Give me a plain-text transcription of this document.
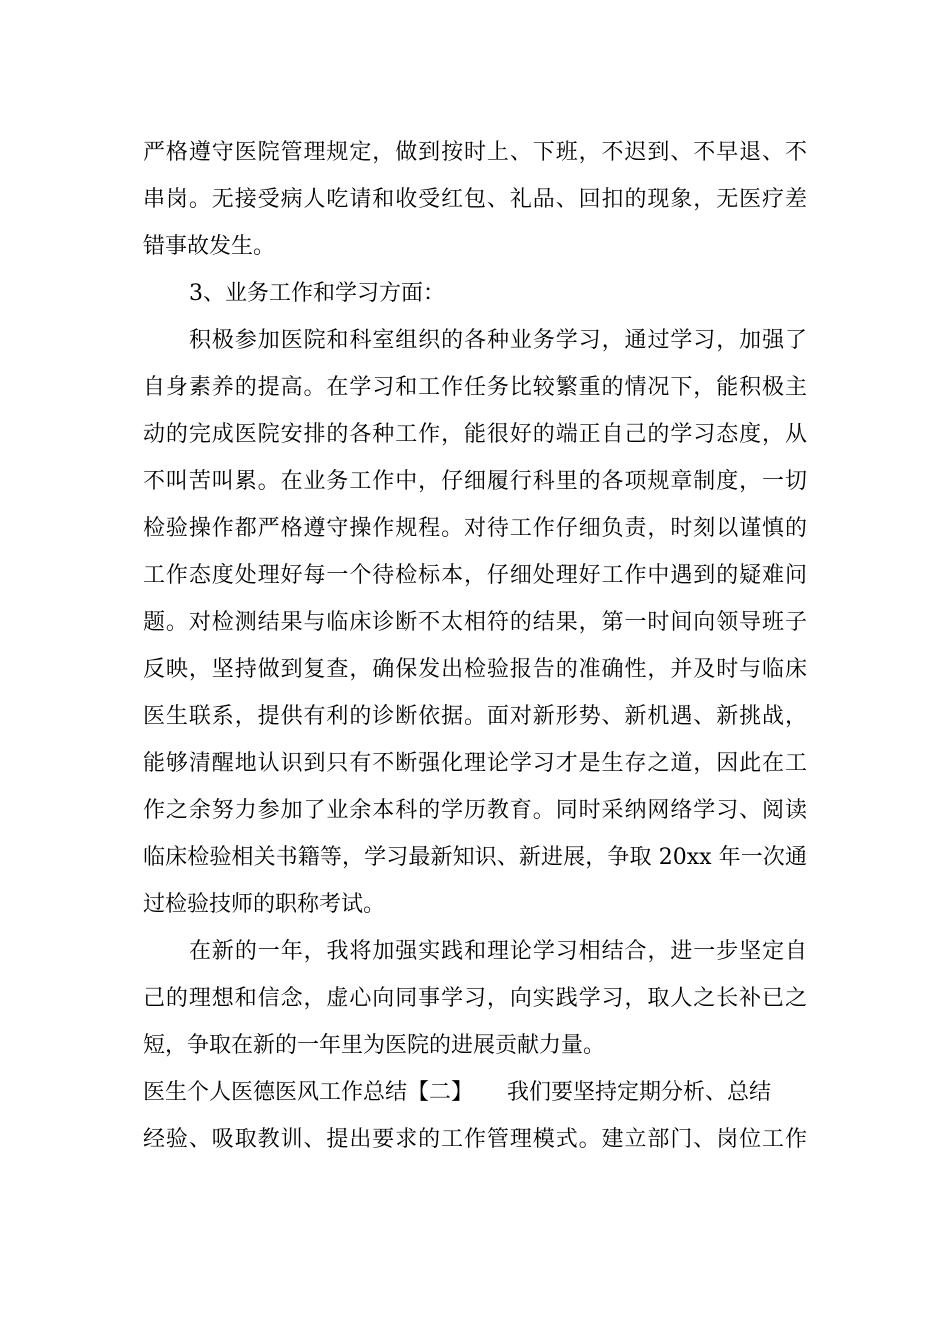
严格遵守医院管理规定，做到按时上、下班，不迟到、不早退、不
串岗。无接受病人吃请和收受红包、礼品、回扣的现象，无医疗差
错事故发生。
3、业务工作和学习方面：
积极参加医院和科室组织的各种业务学习，通过学习，加强了
自身素养的提高。在学习和工作任务比较繁重的情况下，能积极主
动的完成医院安排的各种工作，能很好的端正自己的学习态度，从
不叫苦叫累。在业务工作中，仔细履行科里的各项规章制度，一切
检验操作都严格遵守操作规程。对待工作仔细负责，时刻以谨慎的
工作态度处理好每一个待检标本，仔细处理好工作中遇到的疑难问
题。对检测结果与临床诊断不太相符的结果，第一时间向领导班子
反映，坚持做到复查，确保发出检验报告的准确性，并及时与临床
医生联系，提供有利的诊断依据。面对新形势、新机遇、新挑战，
能够清醒地认识到只有不断强化理论学习才是生存之道，因此在工
作之余努力参加了业余本科的学历教育。同时采纳网络学习、阅读
临床检验相关书籍等，学习最新知识、新进展，争取 20xx 年一次通
过检验技师的职称考试。
在新的一年，我将加强实践和理论学习相结合，进一步坚定自
己的理想和信念，虚心向同事学习，向实践学习，取人之长补已之
短，争取在新的一年里为医院的进展贡献力量。
医生个人医德医风工作总结【二】 我们要坚持定期分析、总结
经验、吸取教训、提出要求的工作管理模式。建立部门、岗位工作
